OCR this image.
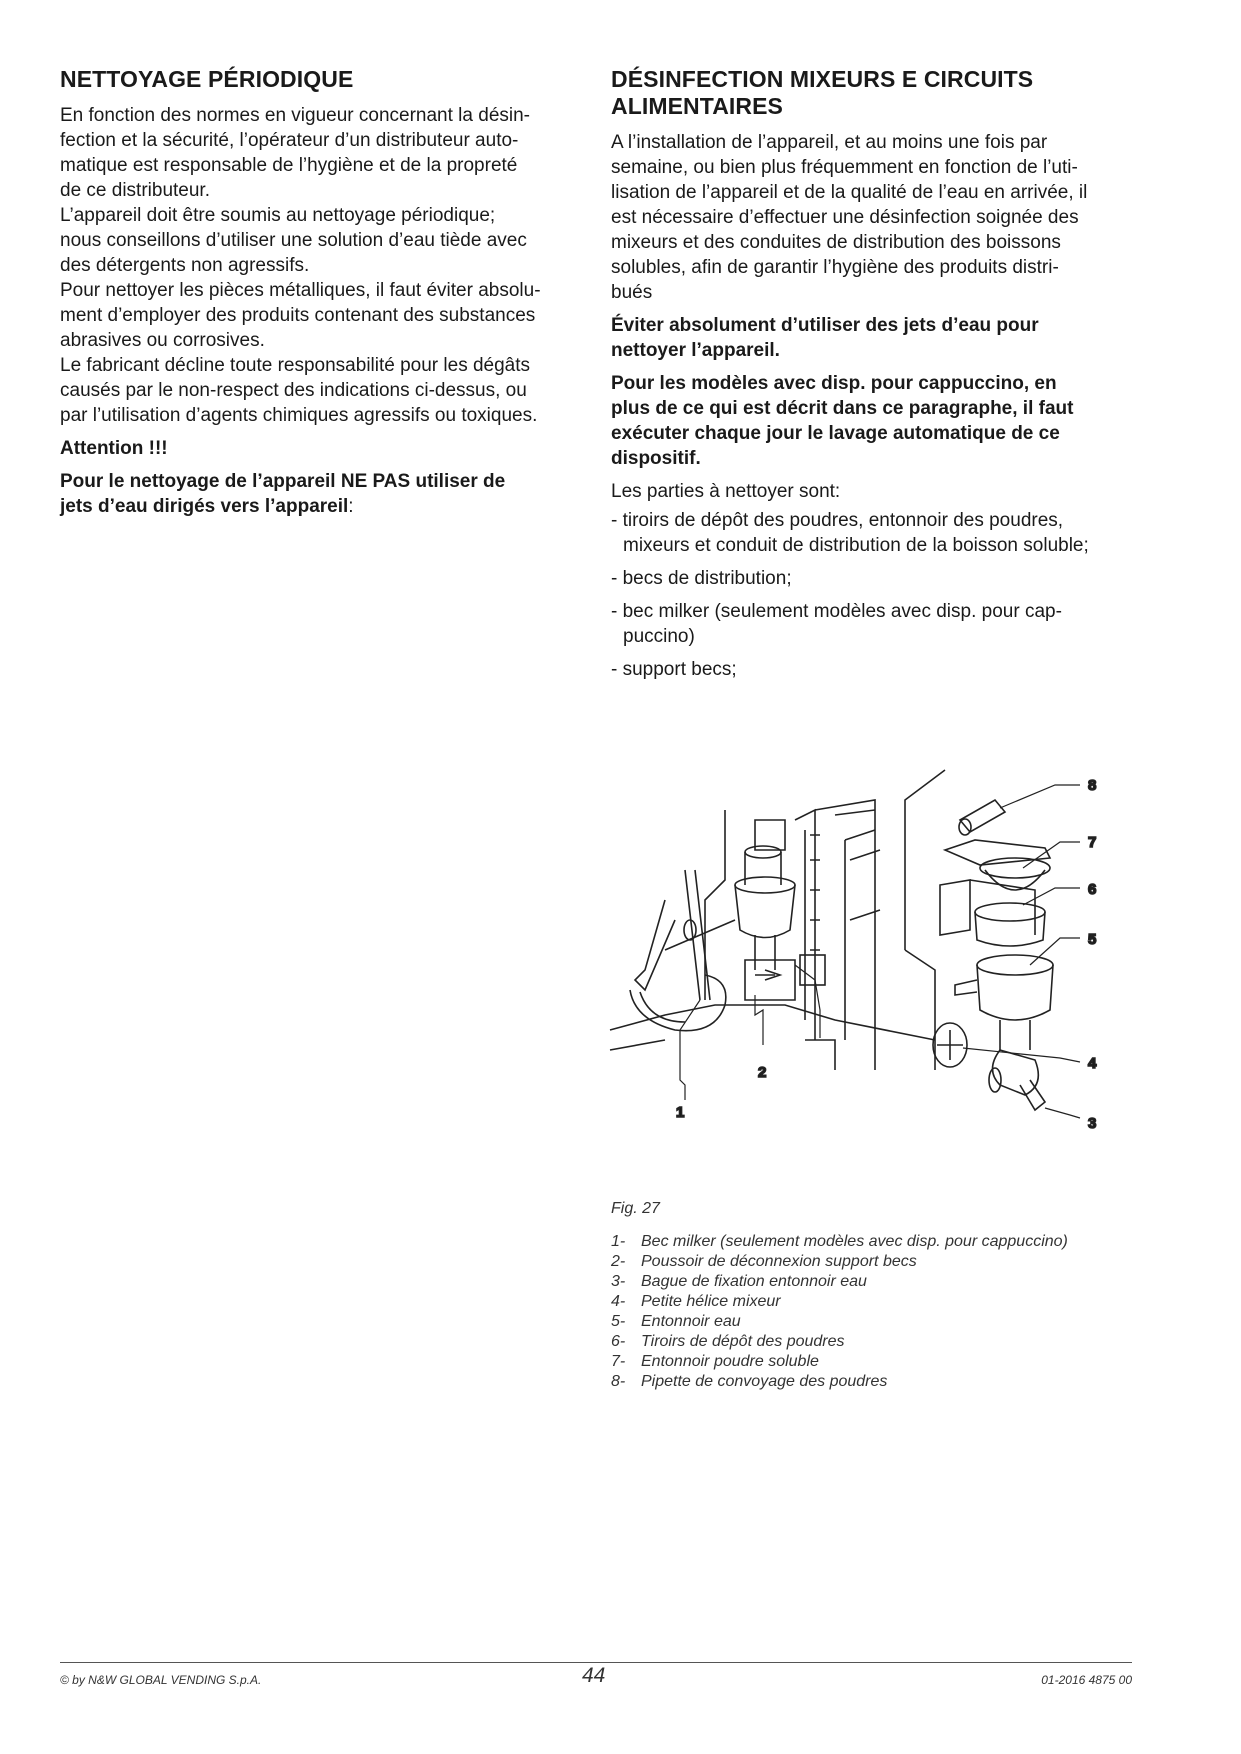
NETTOYAGE PÉRIODIQUE

En fonction des normes en vigueur concernant la désin-

fection et la sécurité, l’opérateur d’un distributeur auto-

matique est responsable de l’hygiène et de la propreté

de ce distributeur.

L’appareil doit être soumis au nettoyage périodique;

nous conseillons d’utiliser une solution d’eau tiède avec

des détergents non agressifs.

Pour nettoyer les pièces métalliques, il faut éviter absolu-

ment d’employer des produits contenant des substances

abrasives ou corrosives.

Le fabricant décline toute responsabilité pour les dégâts

causés par le non-respect des indications ci-dessus, ou

par l’utilisation d’agents chimiques agressifs ou toxiques.

Attention !!!

Pour le nettoyage de l’appareil NE PAS utiliser de

jets d’eau dirigés vers l’appareil:

DÉSINFECTION MIXEURS E CIRCUITS
ALIMENTAIRES

A l’installation de l’appareil, et au moins une fois par

semaine, ou bien plus fréquemment en fonction de l’uti-

lisation de l’appareil et de la qualité de l’eau en arrivée, il

est nécessaire d’effectuer une désinfection soignée des

mixeurs et des conduites de distribution des boissons

solubles, afin de garantir l’hygiène des produits distri-

bués

Éviter absolument d’utiliser des jets d’eau pour

nettoyer l’appareil.

Pour les modèles avec disp. pour cappuccino, en

plus de ce qui est décrit dans ce paragraphe, il faut

exécuter chaque jour le lavage automatique de ce

dispositif.

Les parties à nettoyer sont:

- tiroirs de dépôt des poudres, entonnoir des poudres,

mixeurs et conduit de distribution de la boisson soluble;

- becs de distribution;

- bec milker (seulement modèles avec disp. pour cap-

puccino)

- support becs;

1
2
3
4
5
6
7
8
Fig. 27
1- Bec milker (seulement modèles avec disp. pour cappuccino)
2- Poussoir de déconnexion support becs
3- Bague de fixation entonnoir eau
4- Petite hélice mixeur
5- Entonnoir eau
6- Tiroirs de dépôt des poudres
7- Entonnoir poudre soluble
8- Pipette de convoyage des poudres
© by N&W GLOBAL VENDING S.p.A.	44	01-2016 4875 00
